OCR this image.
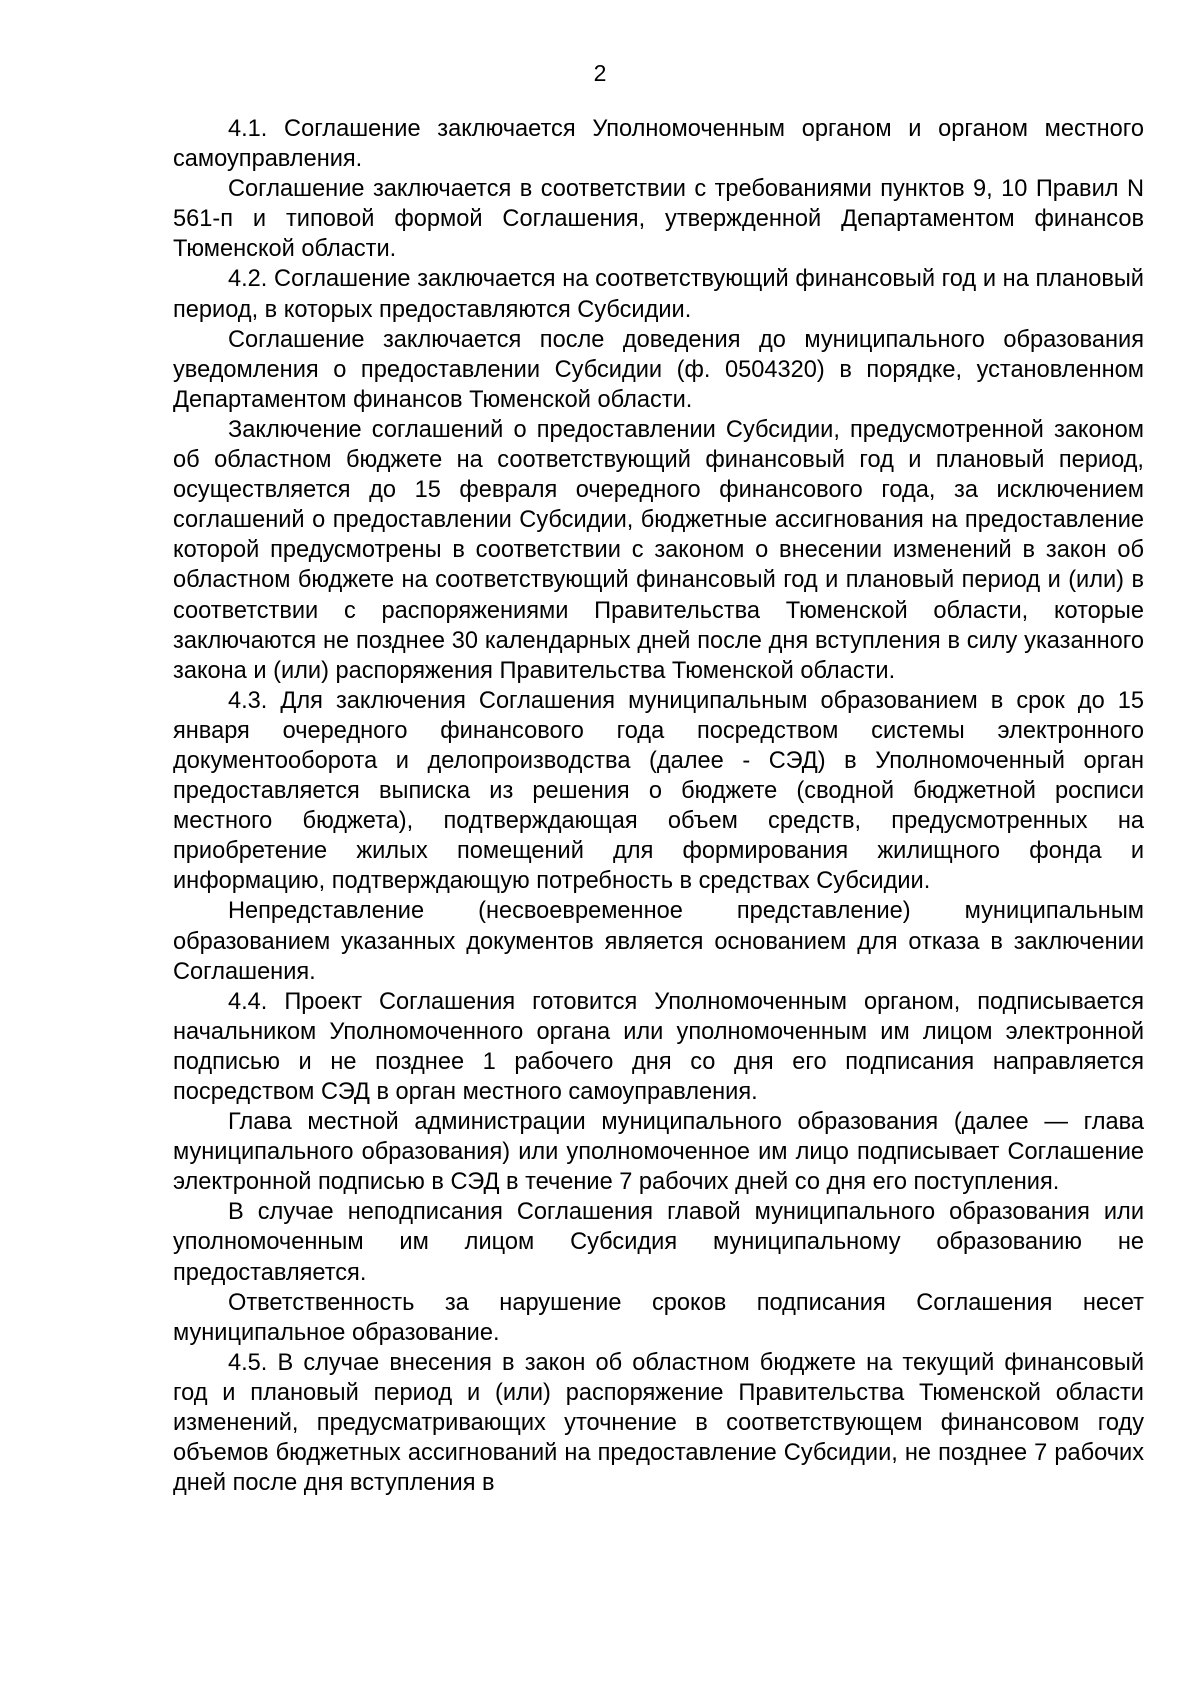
2

4.1. Соглашение заключается Уполномоченным органом и органом местного самоуправления.

Соглашение заключается в соответствии с требованиями пунктов 9, 10 Правил N 561-п и типовой формой Соглашения, утвержденной Департаментом финансов Тюменской области.

4.2. Соглашение заключается на соответствующий финансовый год и на плановый период, в которых предоставляются Субсидии.

Соглашение заключается после доведения до муниципального образования уведомления о предоставлении Субсидии (ф. 0504320) в порядке, установленном Департаментом финансов Тюменской области.

Заключение соглашений о предоставлении Субсидии, предусмотренной законом об областном бюджете на соответствующий финансовый год и плановый период, осуществляется до 15 февраля очередного финансового года, за исключением соглашений о предоставлении Субсидии, бюджетные ассигнования на предоставление которой предусмотрены в соответствии с законом о внесении изменений в закон об областном бюджете на соответствующий финансовый год и плановый период и (или) в соответствии с распоряжениями Правительства Тюменской области, которые заключаются не позднее 30 календарных дней после дня вступления в силу указанного закона и (или) распоряжения Правительства Тюменской области.

4.3. Для заключения Соглашения муниципальным образованием в срок до 15 января очередного финансового года посредством системы электронного документооборота и делопроизводства (далее - СЭД) в Уполномоченный орган предоставляется выписка из решения о бюджете (сводной бюджетной росписи местного бюджета), подтверждающая объем средств, предусмотренных на приобретение жилых помещений для формирования жилищного фонда и информацию, подтверждающую потребность в средствах Субсидии.

Непредставление (несвоевременное представление) муниципальным образованием указанных документов является основанием для отказа в заключении Соглашения.

4.4. Проект Соглашения готовится Уполномоченным органом, подписывается начальником Уполномоченного органа или уполномоченным им лицом электронной подписью и не позднее 1 рабочего дня со дня его подписания направляется посредством СЭД в орган местного самоуправления.

Глава местной администрации муниципального образования (далее — глава муниципального образования) или уполномоченное им лицо подписывает Соглашение электронной подписью в СЭД в течение 7 рабочих дней со дня его поступления.

В случае неподписания Соглашения главой муниципального образования или уполномоченным им лицом Субсидия муниципальному образованию не предоставляется.

Ответственность за нарушение сроков подписания Соглашения несет муниципальное образование.

4.5. В случае внесения в закон об областном бюджете на текущий финансовый год и плановый период и (или) распоряжение Правительства Тюменской области изменений, предусматривающих уточнение в соответствующем финансовом году объемов бюджетных ассигнований на предоставление Субсидии, не позднее 7 рабочих дней после дня вступления в
